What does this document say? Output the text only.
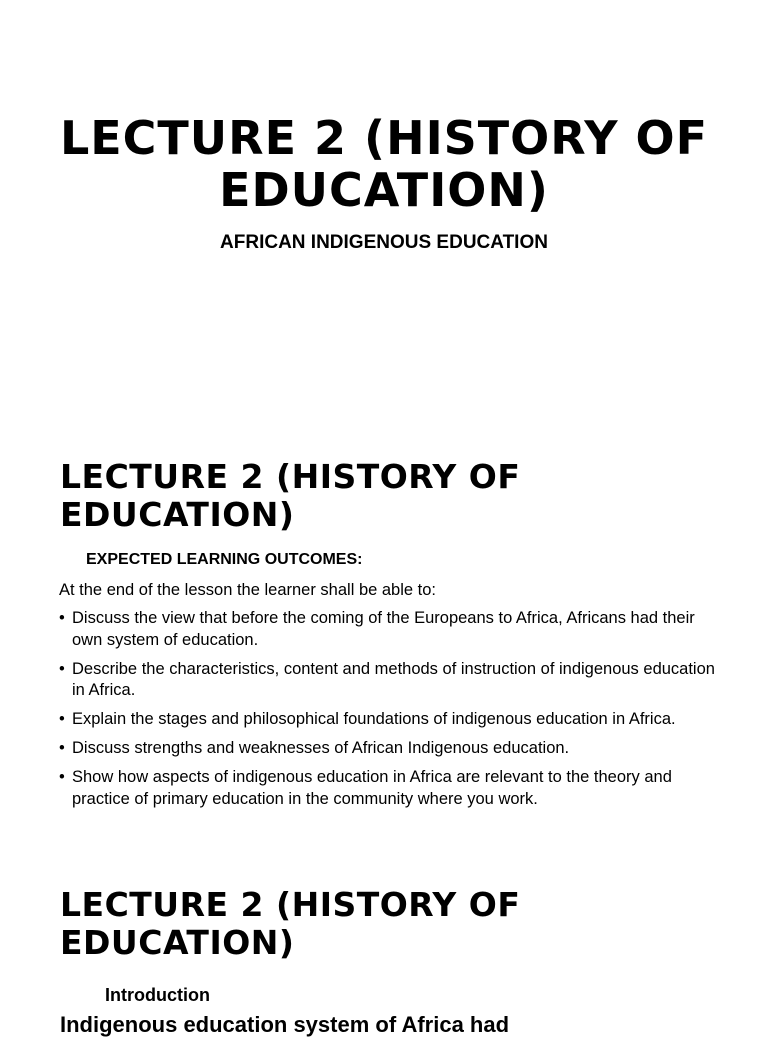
LECTURE 2 (HISTORY OF EDUCATION)

AFRICAN INDIGENOUS EDUCATION

LECTURE 2 (HISTORY OF EDUCATION)

EXPECTED LEARNING OUTCOMES:

At the end of the lesson the learner shall be able to:

• Discuss the view that before the coming of the Europeans to Africa, Africans had their own system of education.
• Describe the characteristics, content and methods of instruction of indigenous education in Africa.
• Explain the stages and philosophical foundations of indigenous education in Africa.
• Discuss strengths and weaknesses of African Indigenous education.
• Show how aspects of indigenous education in Africa are relevant to the theory and practice of primary education in the community where you work.
LECTURE 2 (HISTORY OF EDUCATION)

Introduction

Indigenous education system of Africa had
